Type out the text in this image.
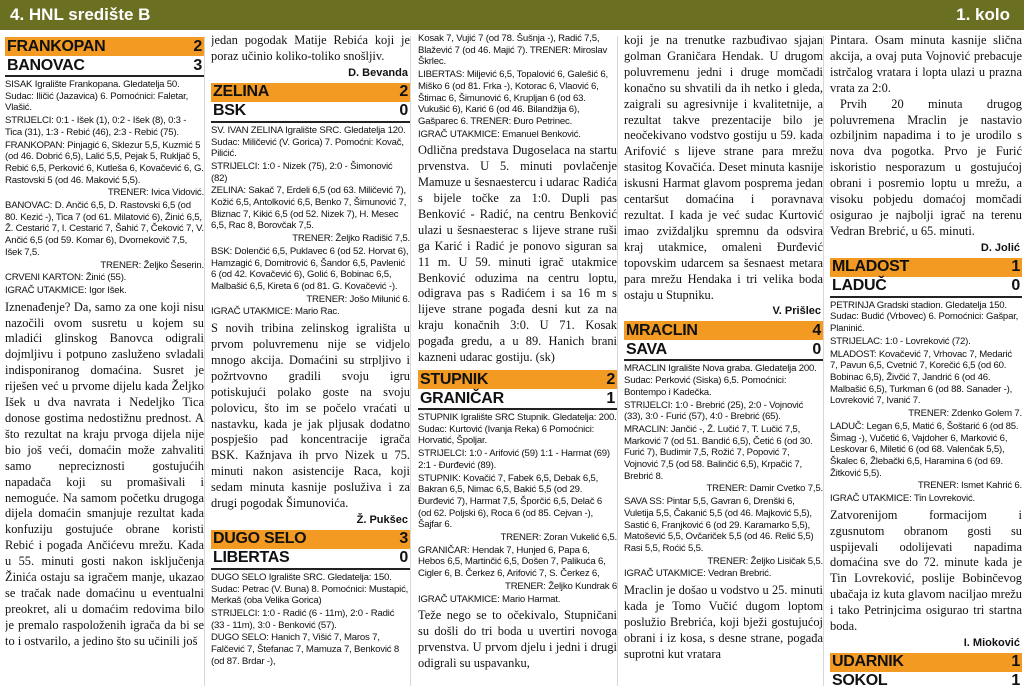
4. HNL središte B	1. kolo
FRANKOPAN	2
BANOVAC	3
SISAK Igralište Frankopana. Gledatelja 50. Sudac: Iličić (Jazavica) 6. Pomoćnici: Faletar, Vlašić.
STRIJELCI: 0:1 - Išek (1), 0:2 - Išek (8), 0:3 - Tica (31), 1:3 - Rebić (46), 2:3 - Rebić (75).
FRANKOPAN: Pinjagić 6, Sklezur 5,5, Kuzmić 5 (od 46. Dobrić 6,5), Lalić 5,5, Pejak 5, Rukljač 5, Rebić 6,5, Perković 6, Kutleša 6, Kovačević 6, G. Rastovski 5 (od 46. Maković 5,5).
TRENER: Ivica Vidović.
BANOVAC: D. Ančić 6,5, D. Rastovski 6,5 (od 80. Kezić -), Tica 7 (od 61. Milatović 6), Žinić 6,5, Ž. Cestarić 7, I. Cestarić 7, Šahić 7, Čeković 7, V. Ančić 6,5 (od 59. Komar 6), Dvornekovič 7,5, Išek 7,5.
TRENER: Željko Šeserin.
CRVENI KARTON: Žinić (55).
IGRAČ UTAKMICE: Igor Išek.

Iznenađenje? Da, samo za one koji nisu nazočili ovom susretu u kojem su mladići glinskog Banovca odigrali dojmljivu i potpuno zasluženo svladali indisponiranog domaćina. Susret je riješen već u prvome dijelu kada Željko Išek u dva navrata i Nedeljko Tica donose gostima nedostižnu prednost. A što rezultat na kraju prvoga dijela nije bio još veći, domaćin može zahvaliti samo nepreciznosti gostujućih napadača koji su promašivali i nemoguće. Na samom početku drugoga dijela domaćin smanjuje rezultat kada konfuziju gostujuće obrane koristi Rebić i pogađa Ančićevu mrežu. Kada u 55. minuti gosti nakon isključenja Žinića ostaju sa igračem manje, ukazao se tračak nade domaćinu u eventualni preokret, ali u domaćim redovima bilo je premalo raspoloženih igrača da bi se to i ostvarilo, a jedino što su učinili još

jedan pogodak Matije Rebića koji je poraz učinio koliko-toliko snošljiv.

D. Bevanda
ZELINA	2
BSK	0
SV. IVAN ZELINA Igralište SRC. Gledatelja 120. Sudac: Miličević (V. Gorica) 7. Pomoćni: Kovač, Pilićić.
STRIJELCI: 1:0 - Nizek (75), 2:0 - Šimonović (82)
ZELINA: Sakač 7, Erdeli 6,5 (od 63. Miličević 7), Kožić 6,5, Antolković 6,5, Benko 7, Šimunović 7, Bliznac 7, Kikić 6,5 (od 52. Nizek 7), H. Mesec 6,5, Rac 8, Borovčak 7,5.
TRENER: Željko Radišić 7,5.
BSK: Dolenčić 6,5, Puklavec 6 (od 52. Horvat 6), Hamzagić 6, Domitrović 6, Šandor 6,5, Pavlenić 6 (od 42. Kovačević 6), Golić 6, Bobinac 6,5, Malbašić 6,5, Kireta 6 (od 81. G. Kovačević -).
TRENER: Jošo Milunić 6.
IGRAČ UTAKMICE: Mario Rac.

S novih tribina zelinskog igrališta u prvom poluvremenu nije se vidjelo mnogo akcija. Domaćini su strpljivo i požrtvovno gradili svoju igru potiskujući polako goste na svoju polovicu, što im se počelo vraćati u nastavku, kada je jak pljusak dodatno pospješio pad koncentracije igrača BSK. Kažnjava ih prvo Nizek u 75. minuti nakon asistencije Raca, koji sedam minuta kasnije posluživa i za drugi pogodak Šimunovića.

Ž. Pukšec
DUGO SELO	3
LIBERTAS	0
DUGO SELO Igralište SRC. Gledatelja: 150. Sudac: Petrac (V. Buna) 8. Pomoćnici: Mustapić, Merkaš (oba Velika Gorica)
STRIJELCI: 1:0 - Radić (6 - 11m), 2:0 - Radić (33 - 11m), 3:0 - Benković (57).
DUGO SELO: Hanich 7, Višić 7, Maros 7, Falčević 7, Štefanac 7, Mamuza 7, Benković 8 (od 87. Brdar -),
Kosak 7, Vujić 7 (od 78. Šušnja -), Radić 7,5, Blažević 7 (od 46. Majić 7). TRENER: Miroslav Škrlec.
LIBERTAS: Miljević 6,5, Topalović 6, Galešić 6, Miško 6 (od 81. Frka -), Kotorac 6, Vlaović 6, Štimac 6, Šimunović 6, Krupljan 6 (od 63. Vukušić 6), Karić 6 (od 46. Bilandžija 6), Gašparec 6. TRENER: Đuro Petrinec.
IGRAČ UTAKMICE: Emanuel Benković.

Odlična predstava Dugoselaca na startu prvenstva. U 5. minuti povlačenje Mamuze u šesnaestercu i udarac Radića s bijele točke za 1:0. Dupli pas Benković - Radić, na centru Benković ulazi u šesnaesterac s lijeve strane ruši ga Karić i Radić je ponovo siguran sa 11 m. U 59. minuti igrač utakmice Benković oduzima na centru loptu, odigrava pas s Radićem i sa 16 m s lijeve strane pogađa desni kut za na kraju konačnih 3:0. U 71. Kosak pogađa gredu, a u 89. Hanich brani kazneni udarac gostiju. (sk)

STUPNIK	2
GRANIČAR	1
STUPNIK Igralište SRC Stupnik. Gledatelja: 200. Sudac: Kurtović (Ivanja Reka) 6 Pomoćnici: Horvatić, Špoljar.
STRIJELCI: 1:0 - Arifović (59) 1:1 - Harmat (69) 2:1 - Đurđević (89).
STUPNIK: Kovačić 7, Fabek 6,5, Debak 6,5, Bakran 6,5, Nimac 6,5, Bakić 5,5 (od 29. Đurđević 7), Harmat 7,5, Šporčić 6,5, Delač 6 (od 62. Poljski 6), Roca 6 (od 85. Cejvan -), Šajfar 6.
TRENER: Zoran Vukelić 6,5.
GRANIČAR: Hendak 7, Hunjed 6, Papa 6, Hebos 6,5, Martinčić 6,5, Došen 7, Palikuća 6, Cigler 6, B. Čerkez 6, Arifović 7, S. Čerkez 6,
TRENER: Željko Kundrak 6
IGRAČ UTAKMICE: Mario Harmat.

Teže nego se to očekivalo, Stupničani su došli do tri boda u uvertiri novoga prvenstva. U prvom djelu i jedni i drugi odigrali su uspavanku,

koji je na trenutke razbuđivao sjajan golman Graničara Hendak. U drugom poluvremenu jedni i druge momčadi konačno su shvatili da ih netko i gleda, zaigrali su agresivnije i kvalitetnije, a rezultat takve prezentacije bilo je neočekivano vodstvo gostiju u 59. kada Arifović s lijeve strane para mrežu stasitog Kovačića. Deset minuta kasnije iskusni Harmat glavom posprema jedan centaršut domaćina i poravnava rezultat. I kada je već sudac Kurtović imao zviždaljku spremnu da odsvira kraj utakmice, omaleni Đurđević topovskim udarcem sa šesnaest metara para mrežu Hendaka i tri velika boda ostaju u Stupniku.

V. Prišlec
MRACLIN	4
SAVA	0
MRACLIN Igralište Nova graba. Gledatelja 200. Sudac: Perković (Siska) 6,5. Pomoćnici: Bontempo i Kadečka.
STRIJELCI: 1:0 - Brebrić (25), 2:0 - Vojnović (33), 3:0 - Furić (57), 4:0 - Brebrić (65).
MRACLIN: Jančić -, Ž. Lučić 7, T. Lučić 7,5, Marković 7 (od 51. Bandić 6,5), Četić 6 (od 30. Furić 7), Budimir 7,5, Rožić 7, Popović 7, Vojnović 7,5 (od 58. Balinčić 6,5), Krpačić 7, Brebrić 8.
TRENER: Damir Cvetko 7,5.
SAVA SS: Pintar 5,5, Gavran 6, Drenški 6, Vuletija 5,5, Čakanić 5,5 (od 46. Majković 5,5), Sastić 6, Franjković 6 (od 29. Karamarko 5,5), Matošević 5,5, Ovčariček 5,5 (od 46. Relić 5,5) Rasi 5,5, Roćić 5,5.
TRENER: Željko Lisičak 5,5.
IGRAČ UTAKMICE: Vedran Brebrić.

Mraclin je došao u vodstvo u 25. minuti kada je Tomo Vučić dugom loptom poslužio Brebrića, koji bježi gostujućoj obrani i iz kosa, s desne strane, pogađa suprotni kut vratara

Pintara. Osam minuta kasnije slična akcija, a ovaj puta Vojnović prebacuje istrčalog vratara i lopta ulazi u prazna vrata za 2:0.

Prvih 20 minuta drugog poluvremena Mraclin je nastavio ozbiljnim napadima i to je urodilo s nova dva pogotka. Prvo je Furić iskoristio nesporazum u gostujućoj obrani i posremio loptu u mrežu, a visoku pobjedu domaćoj momčadi osigurao je najbolji igrač na terenu Vedran Brebrić, u 65. minuti.

D. Jolić
MLADOST	1
LADUČ	0
PETRINJA Gradski stadion. Gledatelja 150. Sudac: Budić (Vrbovec) 6. Pomoćnici: Gašpar, Planinić.
STRIJELAC: 1:0 - Lovreković (72).
MLADOST: Kovačević 7, Vrhovac 7, Medarić 7, Pavun 6,5, Cvetnić 7, Korečić 6,5 (od 60. Bobinac 6,5), Živčić 7, Jandrić 6 (od 46. Malbašić 6,5), Turkman 6 (od 88. Sanader -), Lovreković 7, Ivanić 7.
TRENER: Zdenko Golem 7.
LADUČ: Legan 6,5, Matić 6, Šoštarić 6 (od 85. Šimag -), Vučetić 6, Vajdoher 6, Marković 6, Leskovar 6, Miletić 6 (od 68. Valenčak 5,5), Škalec 6, Žlebački 6,5, Haramina 6 (od 69. Žitković 5,5).
TRENER: Ismet Kahrić 6.
IGRAČ UTAKMICE: Tin Lovreković.

Zatvorenijom formacijom i zgusnutom obranom gosti su uspijevali odolijevati napadima domaćina sve do 72. minute kada je Tin Lovreković, poslije Bobinčevog ubačaja iz kuta glavom naciljao mrežu i tako Petrinjcima osigurao tri startna boda.

I. Mioković
UDARNIK	1
SOKOL	1
